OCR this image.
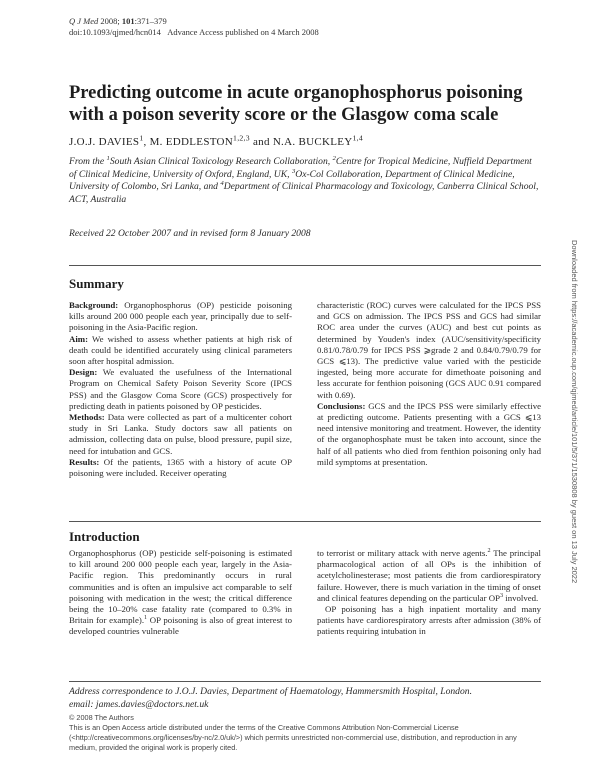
Q J Med 2008; 101:371–379
doi:10.1093/qjmed/hcn014 Advance Access published on 4 March 2008
Predicting outcome in acute organophosphorus poisoning with a poison severity score or the Glasgow coma scale
J.O.J. DAVIES$^1$, M. EDDLESTON$^{1,2,3}$ and N.A. BUCKLEY$^{1,4}$
From the $^1$South Asian Clinical Toxicology Research Collaboration, $^2$Centre for Tropical Medicine, Nuffield Department of Clinical Medicine, University of Oxford, England, UK, $^3$Ox-Col Collaboration, Department of Clinical Medicine, University of Colombo, Sri Lanka, and $^4$Department of Clinical Pharmacology and Toxicology, Canberra Clinical School, ACT, Australia
Received 22 October 2007 and in revised form 8 January 2008
Summary

Background: Organophosphorus (OP) pesticide poisoning kills around 200 000 people each year, principally due to self-poisoning in the Asia-Pacific region.

Aim: We wished to assess whether patients at high risk of death could be identified accurately using clinical parameters soon after hospital admission.

Design: We evaluated the usefulness of the International Program on Chemical Safety Poison Severity Score (IPCS PSS) and the Glasgow Coma Score (GCS) prospectively for predicting death in patients poisoned by OP pesticides.

Methods: Data were collected as part of a multicenter cohort study in Sri Lanka. Study doctors saw all patients on admission, collecting data on pulse, blood pressure, pupil size, need for intubation and GCS.

Results: Of the patients, 1365 with a history of acute OP poisoning were included. Receiver operating

characteristic (ROC) curves were calculated for the IPCS PSS and GCS on admission. The IPCS PSS and GCS had similar ROC area under the curves (AUC) and best cut points as determined by Youden's index (AUC/sensitivity/specificity 0.81/0.78/0.79 for IPCS PSS ⩾grade 2 and 0.84/0.79/0.79 for GCS ⩽13). The predictive value varied with the pesticide ingested, being more accurate for dimethoate poisoning and less accurate for fenthion poisoning (GCS AUC 0.91 compared with 0.69).

Conclusions: GCS and the IPCS PSS were similarly effective at predicting outcome. Patients presenting with a GCS ⩽13 need intensive monitoring and treatment. However, the identity of the organophosphate must be taken into account, since the half of all patients who died from fenthion poisoning only had mild symptoms at presentation.

Introduction

Organophosphorus (OP) pesticide self-poisoning is estimated to kill around 200 000 people each year, largely in the Asia-Pacific region. This predominantly occurs in rural communities and is often an impulsive act comparable to self poisoning with medication in the west; the critical difference being the 10–20% case fatality rate (compared to 0.3% in Britain for example).$^1$ OP poisoning is also of great interest to developed countries vulnerable

to terrorist or military attack with nerve agents.$^2$ The principal pharmacological action of all OPs is the inhibition of acetylcholinesterase; most patients die from cardiorespiratory failure. However, there is much variation in the timing of onset and clinical features depending on the particular $OP^3$ involved.

OP poisoning has a high inpatient mortality and many patients have cardiorespiratory arrests after admission (38% of patients requiring intubation in

Address correspondence to J.O.J. Davies, Department of Haematology, Hammersmith Hospital, London.
email: james.davies@doctors.net.uk
© 2008 The Authors
This is an Open Access article distributed under the terms of the Creative Commons Attribution Non-Commercial License (<http://creativecommons.org/licenses/by-nc/2.0/uk/>) which permits unrestricted non-commercial use, distribution, and reproduction in any medium, provided the original work is properly cited.
Downloaded from https://academic.oup.com/qjmed/article/101/5/371/1530808 by guest on 13 July 2022
